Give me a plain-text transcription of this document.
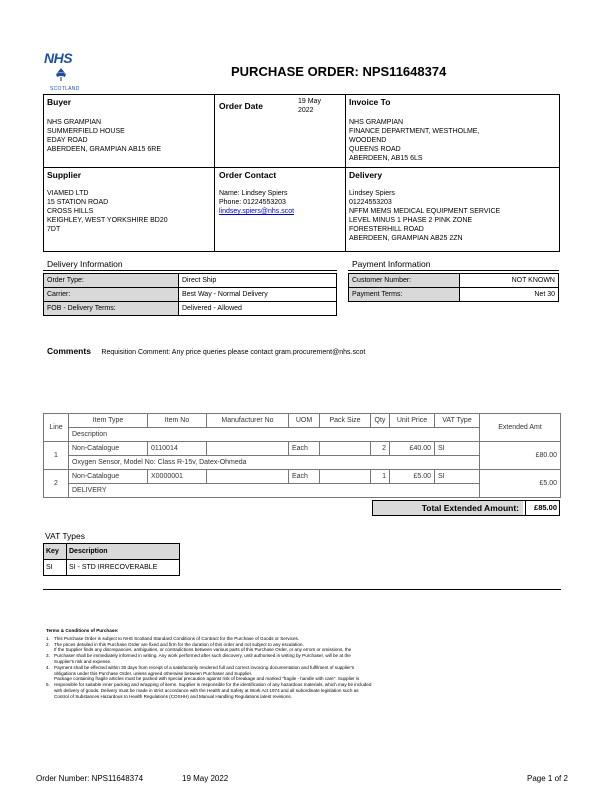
NHS
SCOTLAND
PURCHASE ORDER: NPS11648374
Buyer
NHS GRAMPIAN
SUMMERFIELD HOUSE
EDAY ROAD
ABERDEEN, GRAMPIAN AB15 6RE
Order Date	19 May
2022
Invoice To
NHS GRAMPIAN
FINANCE DEPARTMENT, WESTHOLME,
WOODEND
QUEENS ROAD
ABERDEEN, AB15 6LS
Supplier
VIAMED LTD
15 STATION ROAD
CROSS HILLS
KEIGHLEY, WEST YORKSHIRE BD20
7DT
Order Contact
Name: Lindsey Spiers
Phone: 01224553203
lindsey.spiers@nhs.scot
Delivery
Lindsey Spiers
01224553203
NFFM MEMS MEDICAL EQUIPMENT SERVICE
LEVEL MINUS 1 PHASE 2 PINK ZONE
FORESTERHILL ROAD
ABERDEEN, GRAMPIAN AB25 2ZN
Delivery Information
Order Type:	Direct Ship
Carrier:	Best Way - Normal Delivery
FOB - Delivery Terms:	Delivered - Allowed
Payment Information
Customer Number:	NOT KNOWN
Payment Terms:	Net 30
Comments Requisition Comment: Any price queries please contact gram.procurement@nhs.scot
Line	Item Type	Item No	Manufacturer No	UOM	Pack Size	Qty	Unit Price	VAT Type	Extended Amt
	Description								
1	Non-Catalogue	0110014		Each		2	£40.00	SI	£80.00
	Oxygen Sensor, Model No: Class R-15v, Datex-Ohmeda								
2	Non-Catalogue	X0000001		Each		1	£5.00	SI	£5.00
	DELIVERY								
Total Extended Amount:	£85.00
VAT Types
Key	Description
SI	SI - STD IRRECOVERABLE
Terms & Conditions of Purchase:
1. This Purchase Order is subject to NHS Scotland Standard Conditions of Contract for the Purchase of Goods or Services.
2. The prices detailed in this Purchase Order are fixed and firm for the duration of this order and not subject to any escalation.
If the Supplier finds any discrepancies, ambiguities, or contradictions between various parts of this Purchase Order, or any errors or omissions, the
3. Purchaser shall be immediately informed in writing. Any work performed after such discovery, until authorised in writing by Purchaser, will be at the
Supplier's risk and expense.
4. Payment shall be effected within 30 days from receipt of a satisfactorily rendered full and correct invoicing documentation and fulfilment of supplier's
obligations under this Purchase Order, unless agreed otherwise between Purchaser and Supplier.
Package containing fragile articles must be packed with special precaution against risk of breakage and marked "fragile - handle with care". Supplier is
5. responsible for suitable inner packing and wrapping of items. Supplier is responsible for the identification of any hazardous materials, which may be included
with delivery of goods. Delivery must be made in strict accordance with the Health and Safety at Work Act 1974 and all subordinate legislation such as
Control of Substances Hazardous to Health Regulations (COSHH) and Manual Handling Regulations latest revisions.
Order Number: NPS11648374	19 May 2022	Page 1 of 2
